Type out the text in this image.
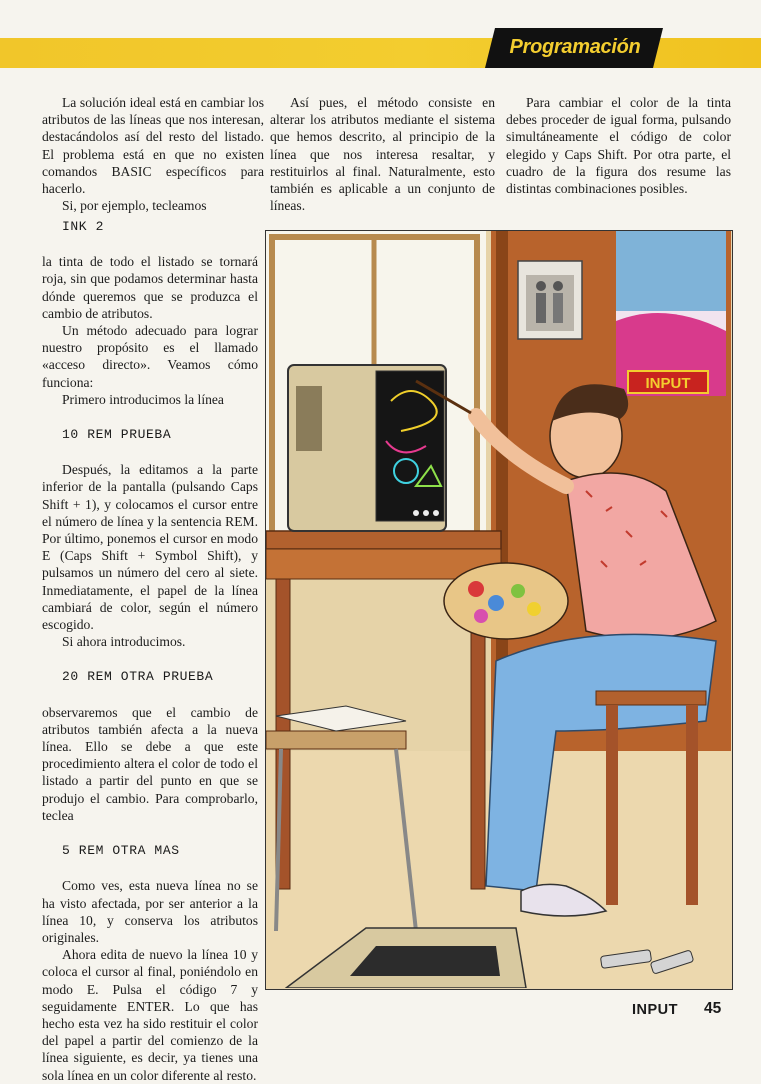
Programación

La solución ideal está en cambiar los atributos de las líneas que nos interesan, destacándolos así del resto del listado. El problema está en que no existen comandos BASIC específicos para hacerlo.

Si, por ejemplo, tecleamos

Así pues, el método consiste en alterar los atributos mediante el sistema que hemos descrito, al principio de la línea que nos interesa resaltar, y restituirlos al final. Naturalmente, esto también es aplicable a un conjunto de líneas.

Para cambiar el color de la tinta debes proceder de igual forma, pulsando simultáneamente el código de color elegido y Caps Shift. Por otra parte, el cuadro de la figura dos resume las distintas combinaciones posibles.

INK 2

la tinta de todo el listado se tornará roja, sin que podamos determinar hasta dónde queremos que se produzca el cambio de atributos.

Un método adecuado para lograr nuestro propósito es el llamado «acceso directo». Veamos cómo funciona:

Primero introducimos la línea

10 REM PRUEBA

Después, la editamos a la parte inferior de la pantalla (pulsando Caps Shift + 1), y colocamos el cursor entre el número de línea y la sentencia REM. Por último, ponemos el cursor en modo E (Caps Shift + Symbol Shift), y pulsamos un número del cero al siete. Inmediatamente, el papel de la línea cambiará de color, según el número escogido.

Si ahora introducimos.

20 REM OTRA PRUEBA

observaremos que el cambio de atributos también afecta a la nueva línea. Ello se debe a que este procedimiento altera el color de todo el listado a partir del punto en que se produjo el cambio. Para comprobarlo, teclea

5 REM OTRA MAS

Como ves, esta nueva línea no se ha visto afectada, por ser anterior a la línea 10, y conserva los atributos originales.

Ahora edita de nuevo la línea 10 y coloca el cursor al final, poniéndolo en modo E. Pulsa el código 7 y seguidamente ENTER. Lo que has hecho esta vez ha sido restituir el color del papel a partir del comienzo de la línea siguiente, es decir, ya tienes una sola línea en un color diferente al resto.

INPUT
INPUT 45
